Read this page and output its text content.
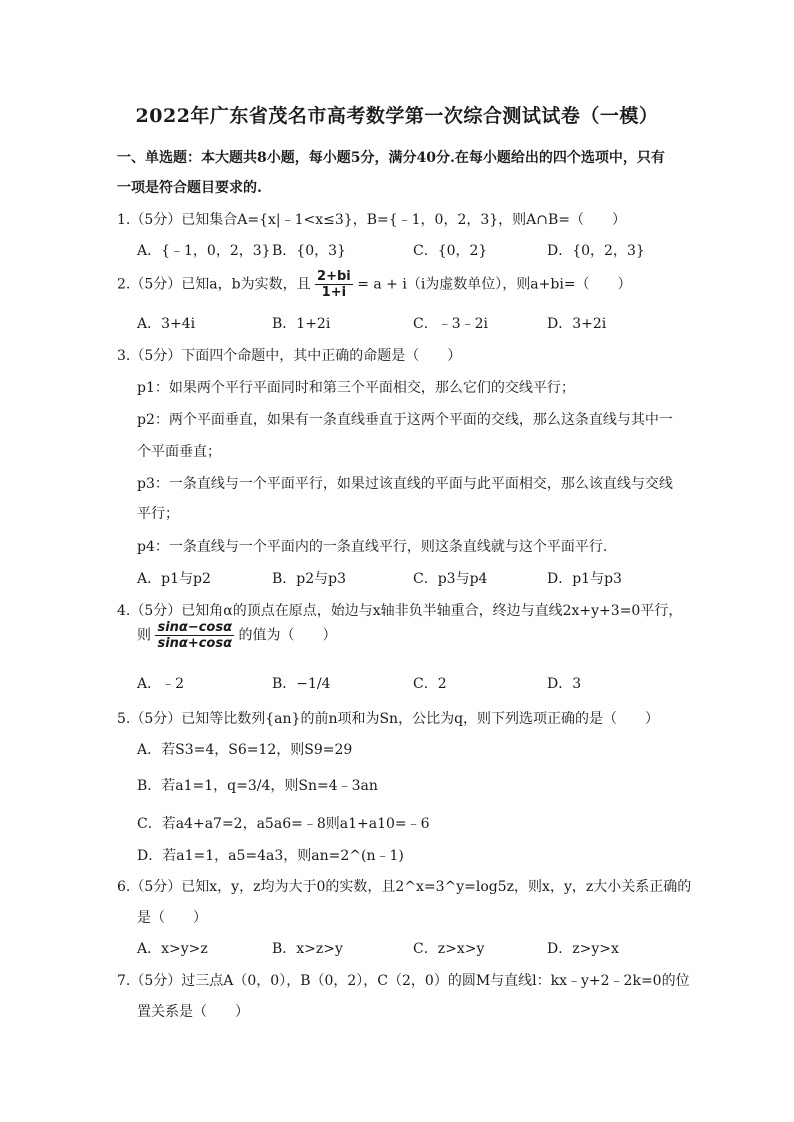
2022年广东省茂名市高考数学第一次综合测试试卷（一模）
一、单选题：本大题共8小题，每小题5分，满分40分.在每小题给出的四个选项中，只有
一项是符合题目要求的.
1.（5分）已知集合A={x|﹣1<x≤3}，B={﹣1，0，2，3}，则A∩B=（　　）
A．{﹣1，0，2，3} B．{0，3}	C．{0，2}	D．{0，2，3}
2.（5分）已知a，b为实数，且 $\frac{2+bi}{1+i} = a + i(i$为虚数单位），则a+bi=（　　）
A．3+4i	B．1+2i	C．﹣3﹣2i	D．3+2i
3.（5分）下面四个命题中，其中正确的命题是（　　）
p1：如果两个平行平面同时和第三个平面相交，那么它们的交线平行；
p2：两个平面垂直，如果有一条直线垂直于这两个平面的交线，那么这条直线与其中一
个平面垂直；
p3：一条直线与一个平面平行，如果过该直线的平面与此平面相交，那么该直线与交线
平行；
p4：一条直线与一个平面内的一条直线平行，则这条直线就与这个平面平行.
A．p1与p2	B．p2与p3	C．p3与p4	D．p1与p3
4.（5分）已知角α的顶点在原点，始边与x轴非负半轴重合，终边与直线2x+y+3=0平行，
则 $\frac{\sin\alpha-\cos\alpha}{\sin\alpha+\cos\alpha}$ 的值为（　　）
A．﹣2	B．−1/4	C．2	D．3
5.（5分）已知等比数列{an}的前n项和为Sn，公比为q，则下列选项正确的是（　　）
A．若S3=4，S6=12，则S9=29
B．若a1=1，q=3/4，则Sn=4﹣3an
C．若a4+a7=2，a5a6=﹣8则a1+a10=﹣6
D．若a1=1，a5=4a3，则an=2^(n﹣1)
6.（5分）已知x，y，z均为大于0的实数，且2^x=3^y=log5z，则x，y，z大小关系正确的
是（　　）
A．x>y>z	B．x>z>y	C．z>x>y	D．z>y>x
7.（5分）过三点A（0，0），B（0，2），C（2，0）的圆M与直线l：kx﹣y+2﹣2k=0的位
置关系是（　　）
